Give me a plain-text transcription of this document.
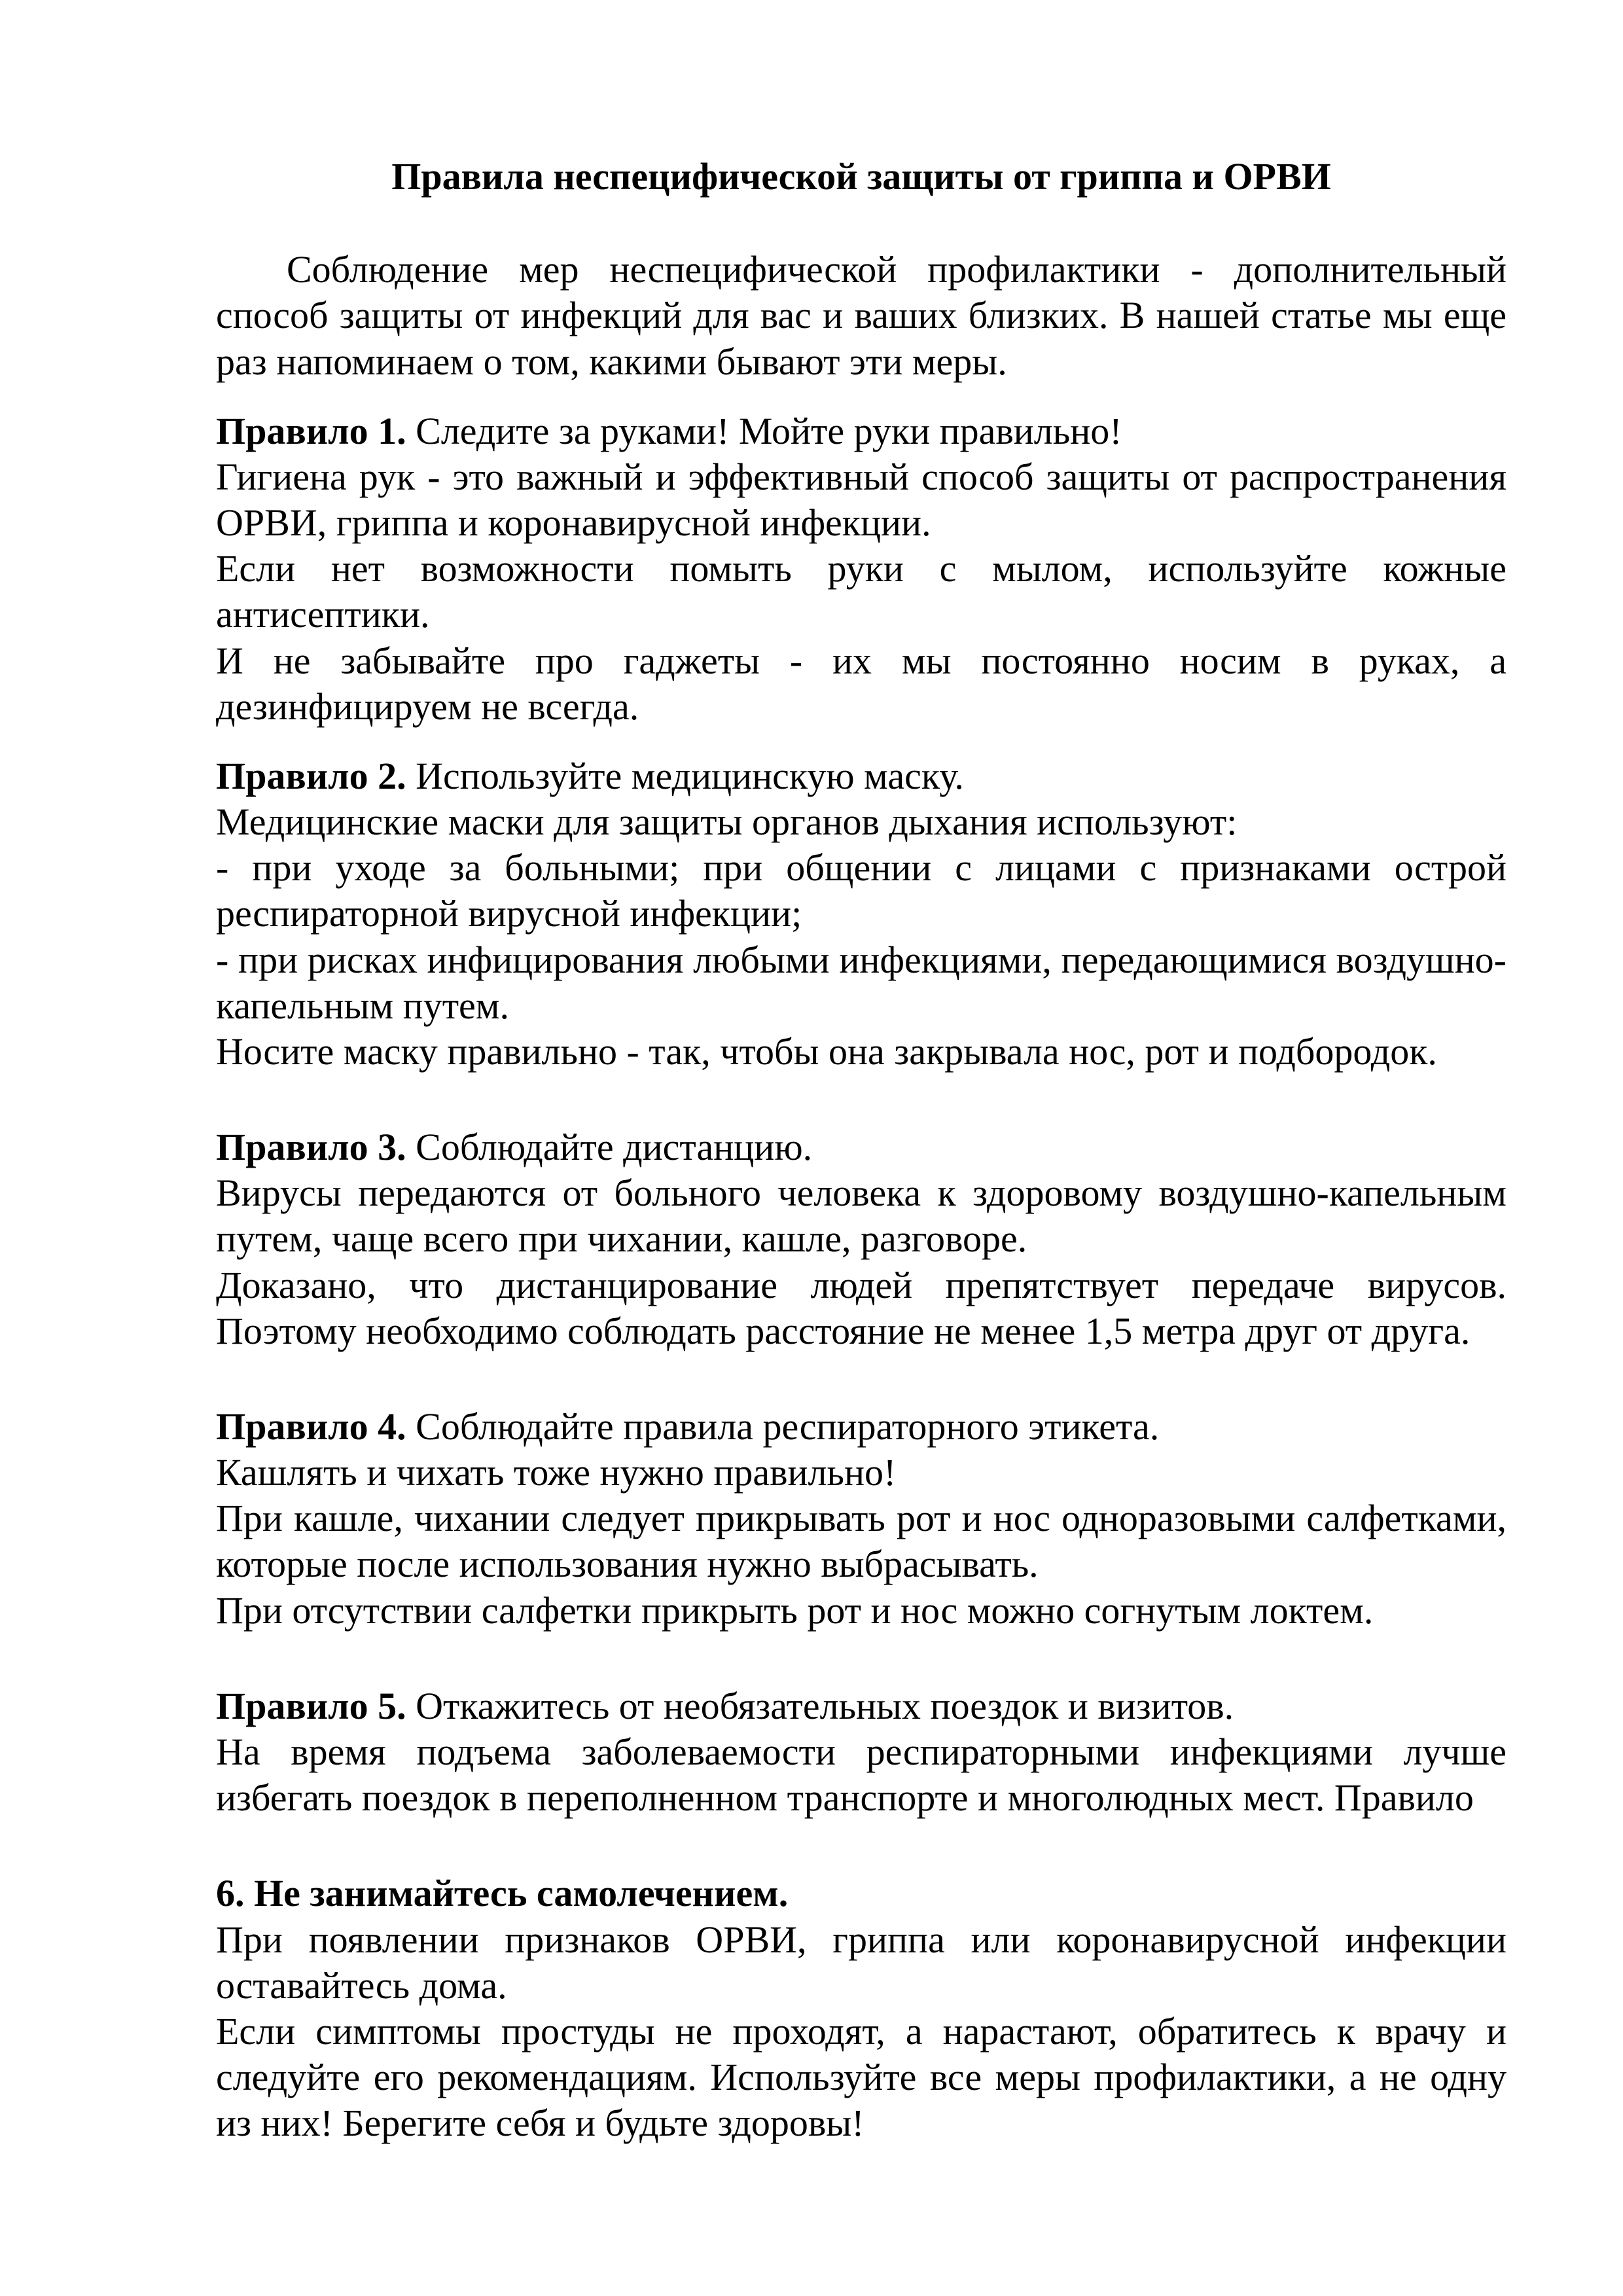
Правила неспецифической защиты от гриппа и ОРВИ

Соблюдение мер неспецифической профилактики - дополнительный способ защиты от инфекций для вас и ваших близких. В нашей статье мы еще раз напоминаем о том, какими бывают эти меры.

Правило 1. Следите за руками! Мойте руки правильно!

Гигиена рук - это важный и эффективный способ защиты от распространения ОРВИ, гриппа и коронавирусной инфекции.

Если нет возможности помыть руки с мылом, используйте кожные антисептики.

И не забывайте про гаджеты - их мы постоянно носим в руках, а дезинфицируем не всегда.

Правило 2. Используйте медицинскую маску.

Медицинские маски для защиты органов дыхания используют:

- при уходе за больными; при общении с лицами с признаками острой респираторной вирусной инфекции;

- при рисках инфицирования любыми инфекциями, передающимися воздушно-капельным путем.

Носите маску правильно - так, чтобы она закрывала нос, рот и подбородок.

Правило 3. Соблюдайте дистанцию.

Вирусы передаются от больного человека к здоровому воздушно-капельным путем, чаще всего при чихании, кашле, разговоре.

Доказано, что дистанцирование людей препятствует передаче вирусов. Поэтому необходимо соблюдать расстояние не менее 1,5 метра друг от друга.

Правило 4. Соблюдайте правила респираторного этикета.

Кашлять и чихать тоже нужно правильно!

При кашле, чихании следует прикрывать рот и нос одноразовыми салфетками, которые после использования нужно выбрасывать.

При отсутствии салфетки прикрыть рот и нос можно согнутым локтем.

Правило 5. Откажитесь от необязательных поездок и визитов.

На время подъема заболеваемости респираторными инфекциями лучше избегать поездок в переполненном транспорте и многолюдных мест. Правило

6. Не занимайтесь самолечением.

При появлении признаков ОРВИ, гриппа или коронавирусной инфекции оставайтесь дома.

Если симптомы простуды не проходят, а нарастают, обратитесь к врачу и следуйте его рекомендациям. Используйте все меры профилактики, а не одну из них! Берегите себя и будьте здоровы!
